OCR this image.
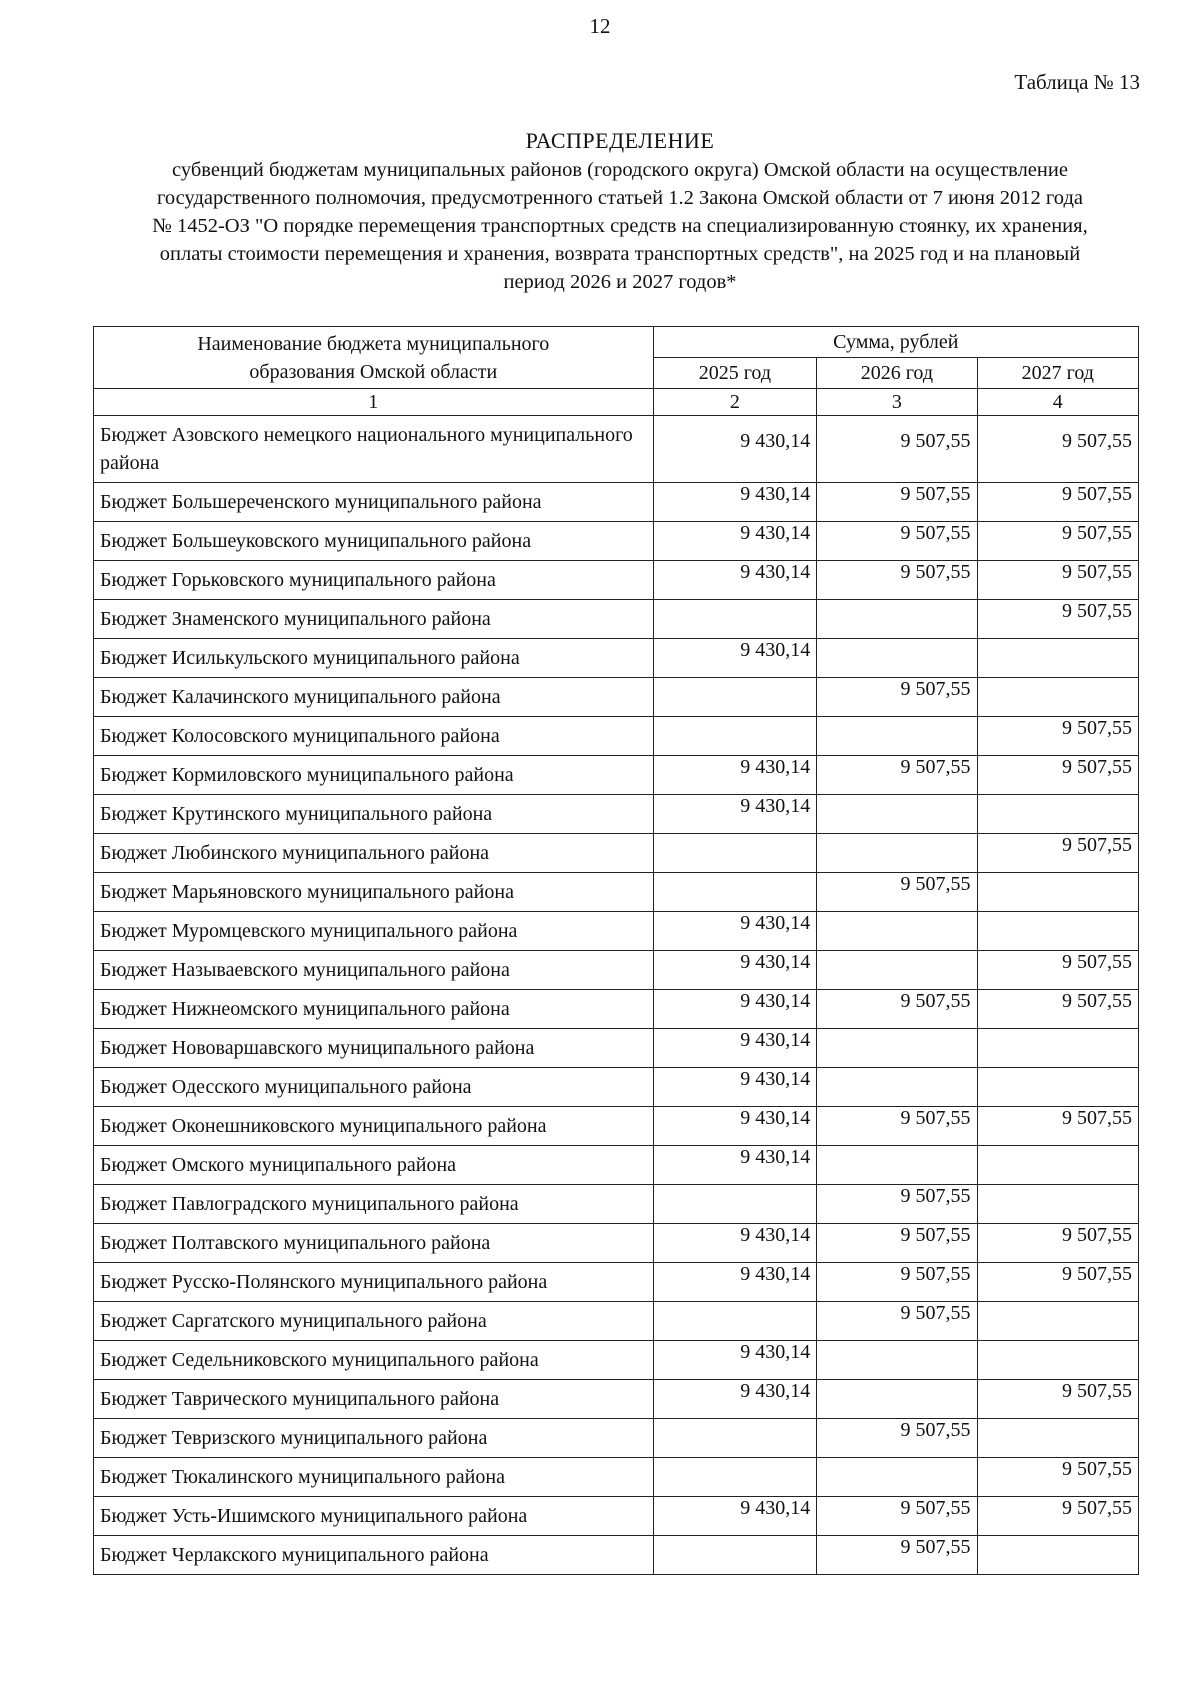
12
Таблица № 13
РАСПРЕДЕЛЕНИЕ
субвенций бюджетам муниципальных районов (городского округа) Омской области на осуществление
государственного полномочия, предусмотренного статьей 1.2 Закона Омской области от 7 июня 2012 года
№ 1452-ОЗ "О порядке перемещения транспортных средств на специализированную стоянку, их хранения,
оплаты стоимости перемещения и хранения, возврата транспортных средств", на 2025 год и на плановый
период 2026 и 2027 годов*
Наименование бюджета муниципального
образования Омской области	Сумма, рублей		
	2025 год	2026 год	2027 год
1	2	3	4
Бюджет Азовского немецкого национального муниципального района	9 430,14	9 507,55	9 507,55
Бюджет Большереченского муниципального района	9 430,14	9 507,55	9 507,55
Бюджет Большеуковского муниципального района	9 430,14	9 507,55	9 507,55
Бюджет Горьковского муниципального района	9 430,14	9 507,55	9 507,55
Бюджет Знаменского муниципального района			9 507,55
Бюджет Исилькульского муниципального района	9 430,14		
Бюджет Калачинского муниципального района		9 507,55	
Бюджет Колосовского муниципального района			9 507,55
Бюджет Кормиловского муниципального района	9 430,14	9 507,55	9 507,55
Бюджет Крутинского муниципального района	9 430,14		
Бюджет Любинского муниципального района			9 507,55
Бюджет Марьяновского муниципального района		9 507,55	
Бюджет Муромцевского муниципального района	9 430,14		
Бюджет Называевского муниципального района	9 430,14		9 507,55
Бюджет Нижнеомского муниципального района	9 430,14	9 507,55	9 507,55
Бюджет Нововаршавского муниципального района	9 430,14		
Бюджет Одесского муниципального района	9 430,14		
Бюджет Оконешниковского муниципального района	9 430,14	9 507,55	9 507,55
Бюджет Омского муниципального района	9 430,14		
Бюджет Павлоградского муниципального района		9 507,55	
Бюджет Полтавского муниципального района	9 430,14	9 507,55	9 507,55
Бюджет Русско-Полянского муниципального района	9 430,14	9 507,55	9 507,55
Бюджет Саргатского муниципального района		9 507,55	
Бюджет Седельниковского муниципального района	9 430,14		
Бюджет Таврического муниципального района	9 430,14		9 507,55
Бюджет Тевризского муниципального района		9 507,55	
Бюджет Тюкалинского муниципального района			9 507,55
Бюджет Усть-Ишимского муниципального района	9 430,14	9 507,55	9 507,55
Бюджет Черлакского муниципального района		9 507,55	
